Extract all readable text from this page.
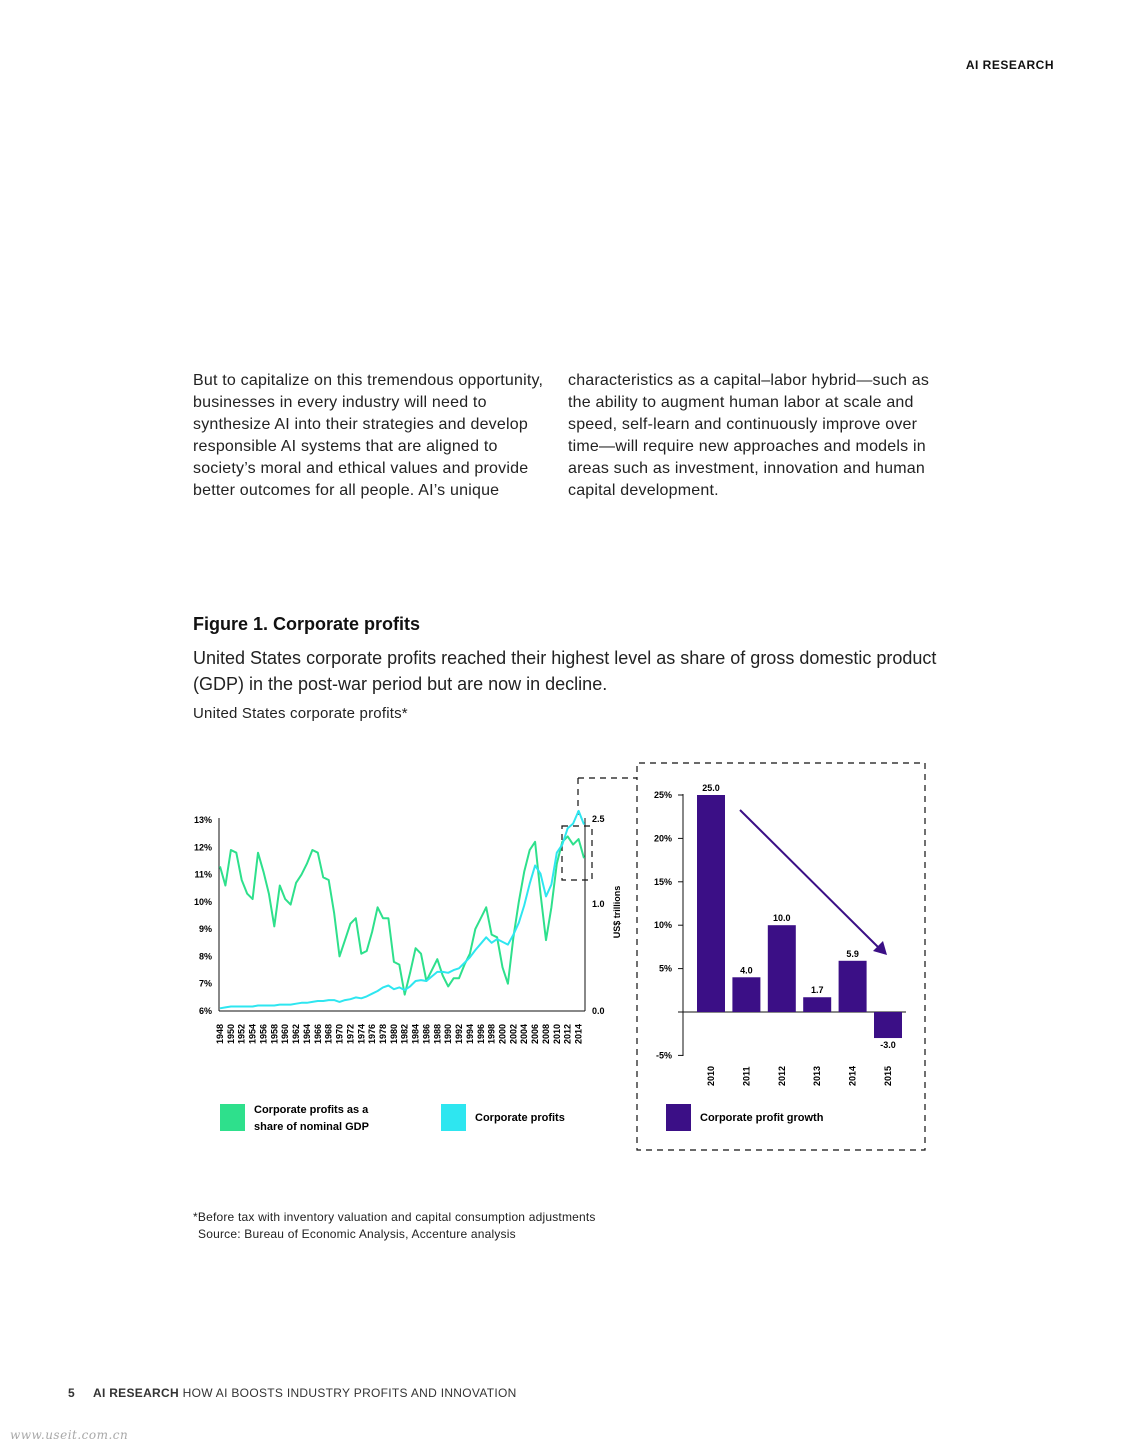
AI RESEARCH
But to capitalize on this tremendous opportunity, businesses in every industry will need to synthesize AI into their strategies and develop responsible AI systems that are aligned to society’s moral and ethical values and provide better outcomes for all people. AI’s unique
characteristics as a capital–labor hybrid—such as the ability to augment human labor at scale and speed, self-learn and continuously improve over time—will require new approaches and models in areas such as investment, innovation and human capital development.
Figure 1. Corporate profits
United States corporate profits reached their highest level as share of gross domestic product (GDP) in the post-war period but are now in decline.
United States corporate profits*
6%
7%
8%
9%
10%
11%
12%
13%
0.0
1.0
2.5
US$ trillions
1948 1950 1952 1954 1956 1958 1960 1962 1964 1966 1968 1970 1972 1974 1976 1978 1980 1982 1984 1986 1988 1990 1992 1994 1996 1998 2000 2002 2004 2006 2008 2010 2012 2014
25%
20%
15%
10%
5%
-5%
25.0
2010
4.0
2011
10.0
2012
1.7
2013
5.9
2014
-3.0
2015
Corporate profits as a
share of nominal GDP
Corporate profits	Corporate profit growth
*Before tax with inventory valuation and capital consumption adjustments
Source: Bureau of Economic Analysis, Accenture analysis
5 AI RESEARCH HOW AI BOOSTS INDUSTRY PROFITS AND INNOVATION
www.useit.com.cn
